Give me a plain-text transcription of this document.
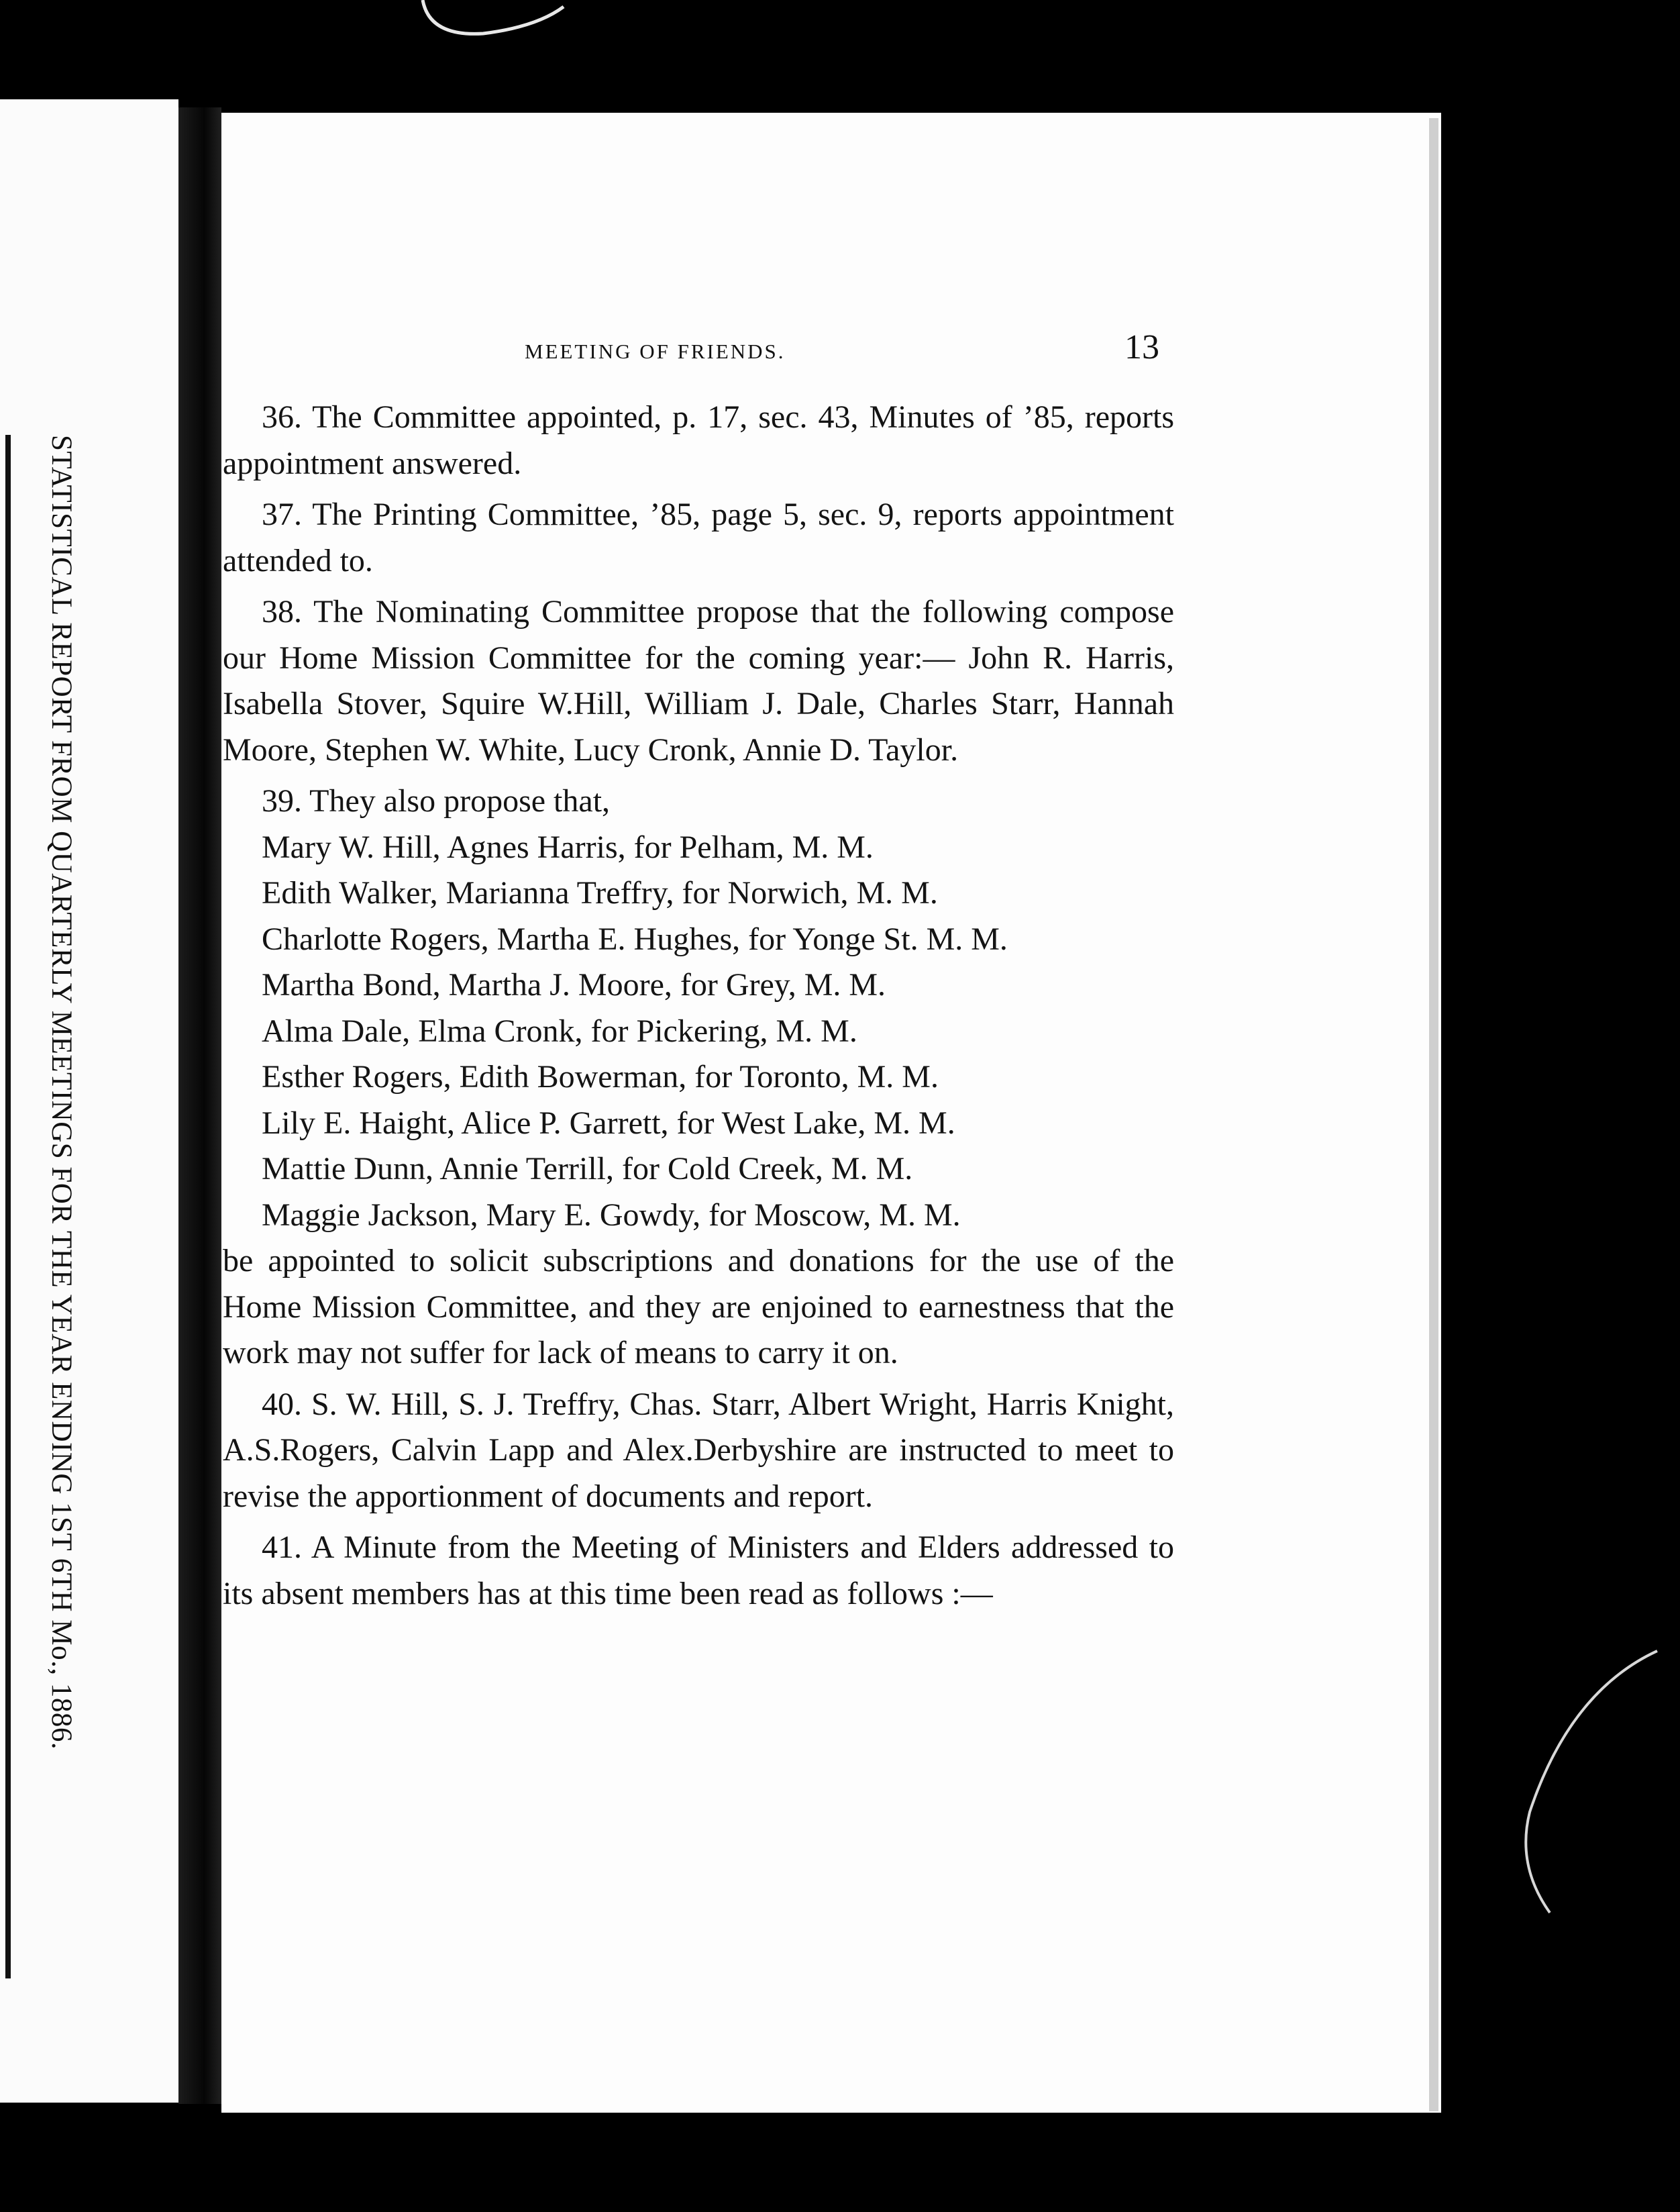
STATISTICAL REPORT FROM QUARTERLY MEETINGS FOR THE YEAR ENDING 1ST 6TH Mo., 1886.
MEETING OF FRIENDS.	13

36. The Committee appointed, p. 17, sec. 43, Minutes of ’85, reports appointment answered.

37. The Printing Committee, ’85, page 5, sec. 9, reports appointment attended to.

38. The Nominating Committee propose that the following compose our Home Mission Committee for the coming year:— John R. Harris, Isabella Stover, Squire W.Hill, William J. Dale, Charles Starr, Hannah Moore, Stephen W. White, Lucy Cronk, Annie D. Taylor.

39. They also propose that,

Mary W. Hill, Agnes Harris, for Pelham, M. M.
Edith Walker, Marianna Treffry, for Norwich, M. M.
Charlotte Rogers, Martha E. Hughes, for Yonge St. M. M.
Martha Bond, Martha J. Moore, for Grey, M. M.
Alma Dale, Elma Cronk, for Pickering, M. M.
Esther Rogers, Edith Bowerman, for Toronto, M. M.
Lily E. Haight, Alice P. Garrett, for West Lake, M. M.
Mattie Dunn, Annie Terrill, for Cold Creek, M. M.
Maggie Jackson, Mary E. Gowdy, for Moscow, M. M.

be appointed to solicit subscriptions and donations for the use of the Home Mission Committee, and they are enjoined to earnestness that the work may not suffer for lack of means to carry it on.

40. S. W. Hill, S. J. Treffry, Chas. Starr, Albert Wright, Harris Knight, A.S.Rogers, Calvin Lapp and Alex.Derbyshire are instructed to meet to revise the apportionment of documents and report.

41. A Minute from the Meeting of Ministers and Elders addressed to its absent members has at this time been read as follows :—
